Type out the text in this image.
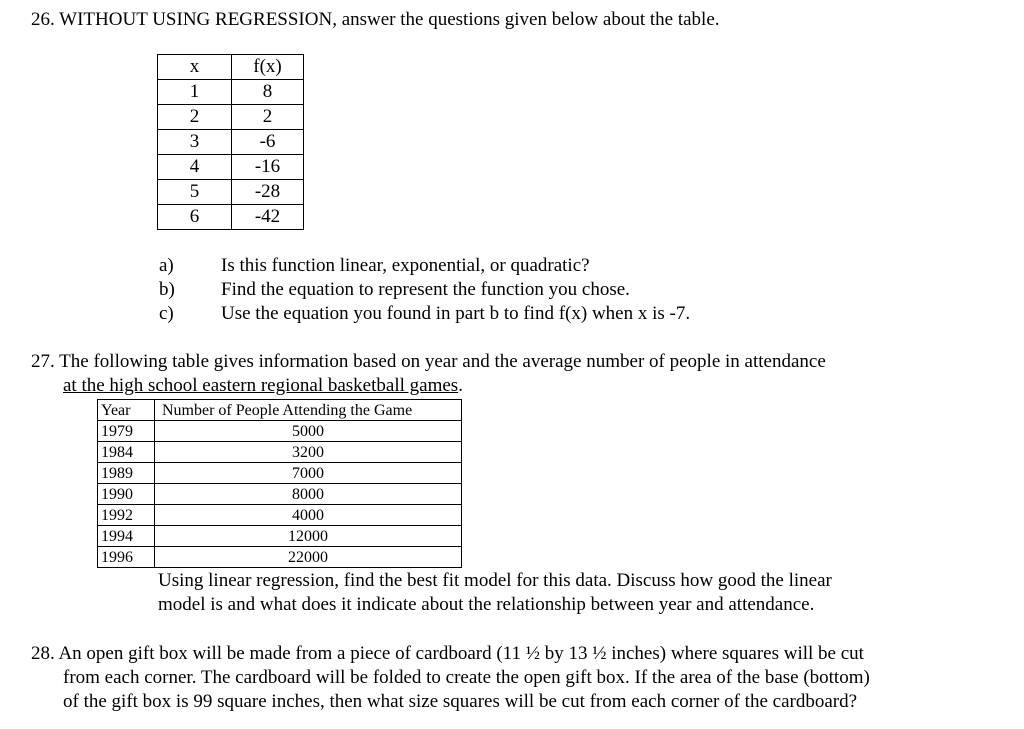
26. WITHOUT USING REGRESSION, answer the questions given below about the table.
x	f(x)
1	8
2	2
3	-6
4	-16
5	-28
6	-42
a) Is this function linear, exponential, or quadratic?
b) Find the equation to represent the function you chose.
c) Use the equation you found in part b to find f(x) when x is -7.
27. The following table gives information based on year and the average number of people in attendance
at the high school eastern regional basketball games.
Year	Number of People Attending the Game
1979	5000
1984	3200
1989	7000
1990	8000
1992	4000
1994	12000
1996	22000
Using linear regression, find the best fit model for this data. Discuss how good the linear
model is and what does it indicate about the relationship between year and attendance.
28. An open gift box will be made from a piece of cardboard (11 ½ by 13 ½ inches) where squares will be cut
from each corner. The cardboard will be folded to create the open gift box. If the area of the base (bottom)
of the gift box is 99 square inches, then what size squares will be cut from each corner of the cardboard?
